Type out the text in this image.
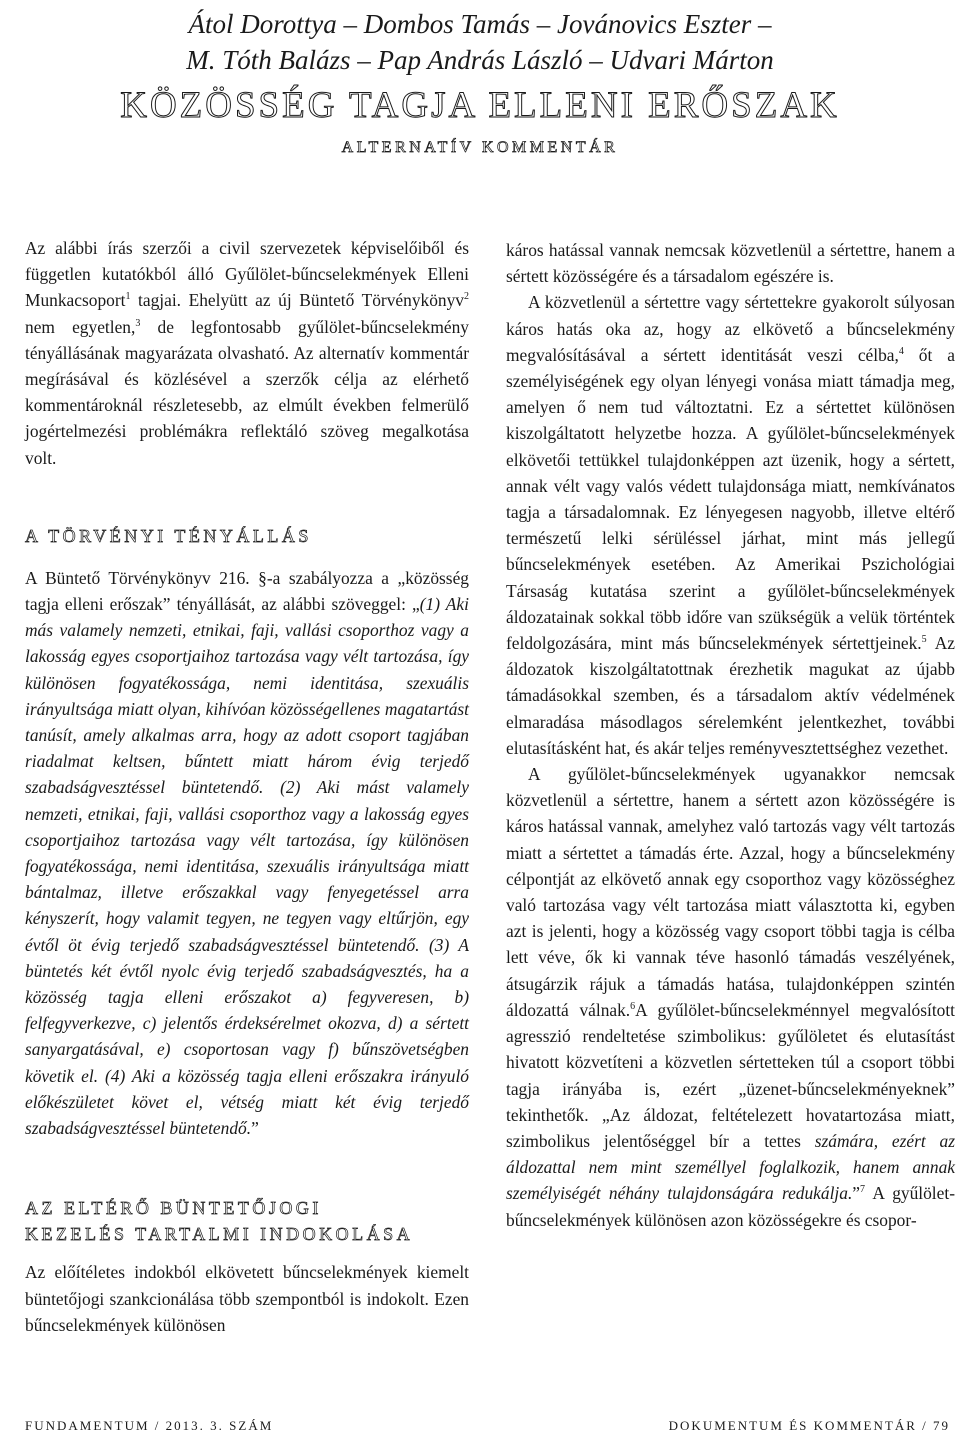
Átol Dorottya – Dombos Tamás – Jovánovics Eszter –
M. Tóth Balázs – Pap András László – Udvari Márton
KÖZÖSSÉG TAGJA ELLENI ERŐSZAK
ALTERNATÍV KOMMENTÁR

Az alábbi írás szerzői a civil szervezetek képviselőiből és független kutatókból álló Gyűlölet-bűncselekmények Elleni Munkacsoport$^1$ tagjai. Ehelyütt az új Büntető Törvénykönyv$^2$ nem egyetlen,$^3$ de legfontosabb gyűlölet-bűncselekmény tényállásának magyarázata olvasható. Az alternatív kommentár megírásával és közlésével a szerzők célja az elérhető kommentároknál részletesebb, az elmúlt években felmerülő jogértelmezési problémákra reflektáló szöveg megalkotása volt.

A TÖRVÉNYI TÉNYÁLLÁS

A Büntető Törvénykönyv 216. §-a szabályozza a „közösség tagja elleni erőszak” tényállását, az alábbi szöveggel: „(1) Aki más valamely nemzeti, etnikai, faji, vallási csoporthoz vagy a lakosság egyes csoportjaihoz tartozása vagy vélt tartozása, így különösen fogyatékossága, nemi identitása, szexuális irányultsága miatt olyan, kihívóan közösségellenes magatartást tanúsít, amely alkalmas arra, hogy az adott csoport tagjában riadalmat keltsen, bűntett miatt három évig terjedő szabadságvesztéssel büntetendő. (2) Aki mást valamely nemzeti, etnikai, faji, vallási csoporthoz vagy a lakosság egyes csoportjaihoz tartozása vagy vélt tartozása, így különösen fogyatékossága, nemi identitása, szexuális irányultsága miatt bántalmaz, illetve erőszakkal vagy fenyegetéssel arra kényszerít, hogy valamit tegyen, ne tegyen vagy eltűrjön, egy évtől öt évig terjedő szabadságvesztéssel büntetendő. (3) A büntetés két évtől nyolc évig terjedő szabadságvesztés, ha a közösség tagja elleni erőszakot a) fegyveresen, b) felfegyverkezve, c) jelentős érdeksérelmet okozva, d) a sértett sanyargatásával, e) csoportosan vagy f) bűnszövetségben követik el. (4) Aki a közösség tagja elleni erőszakra irányuló előkészületet követ el, vétség miatt két évig terjedő szabadságvesztéssel büntetendő.”

AZ ELTÉRŐ BÜNTETŐJOGI
KEZELÉS TARTALMI INDOKOLÁSA

Az előítéletes indokból elkövetett bűncselekmények kiemelt büntetőjogi szankcionálása több szempontból is indokolt. Ezen bűncselekmények különösen

káros hatással vannak nemcsak közvetlenül a sértettre, hanem a sértett közösségére és a társadalom egészére is.

A közvetlenül a sértettre vagy sértettekre gyakorolt súlyosan káros hatás oka az, hogy az elkövető a bűncselekmény megvalósításával a sértett identitását veszi célba,$^4$ őt a személyiségének egy olyan lényegi vonása miatt támadja meg, amelyen ő nem tud változtatni. Ez a sértettet különösen kiszolgáltatott helyzetbe hozza. A gyűlölet-bűncselekmények elkövetői tettükkel tulajdonképpen azt üzenik, hogy a sértett, annak vélt vagy valós védett tulajdonsága miatt, nemkívánatos tagja a társadalomnak. Ez lényegesen nagyobb, illetve eltérő természetű lelki sérüléssel járhat, mint más jellegű bűncselekmények esetében. Az Amerikai Pszichológiai Társaság kutatása szerint a gyűlölet-bűncselekmények áldozatainak sokkal több időre van szükségük a velük történtek feldolgozására, mint más bűncselekmények sértettjeinek.$^5$ Az áldozatok kiszolgáltatottnak érezhetik magukat az újabb támadásokkal szemben, és a társadalom aktív védelmének elmaradása másodlagos sérelemként jelentkezhet, további elutasításként hat, és akár teljes reményvesztettséghez vezethet.

A gyűlölet-bűncselekmények ugyanakkor nemcsak közvetlenül a sértettre, hanem a sértett azon közösségére is káros hatással vannak, amelyhez való tartozás vagy vélt tartozás miatt a sértettet a támadás érte. Azzal, hogy a bűncselekmény célpontját az elkövető annak egy csoporthoz vagy közösséghez való tartozása vagy vélt tartozása miatt választotta ki, egyben azt is jelenti, hogy a közösség vagy csoport többi tagja is célba lett véve, ők ki vannak téve hasonló támadás veszélyének, átsugárzik rájuk a támadás hatása, tulajdonképpen szintén áldozattá válnak.$^6$A gyűlölet-bűncselekménnyel megvalósított agresszió rendeltetése szimbolikus: gyűlöletet és elutasítást hivatott közvetíteni a közvetlen sértetteken túl a csoport többi tagja irányába is, ezért „üzenet-bűncselekményeknek” tekinthetők. „Az áldozat, feltételezett hovatartozása miatt, szimbolikus jelentőséggel bír a tettes számára, ezért az áldozattal nem mint személlyel foglalkozik, hanem annak személyiségét néhány tulajdonságára redukálja.”$^7$ A gyűlölet-bűncselekmények különösen azon közösségekre és csopor-

FUNDAMENTUM / 2013. 3. SZÁM	DOKUMENTUM ÉS KOMMENTÁR / 79
